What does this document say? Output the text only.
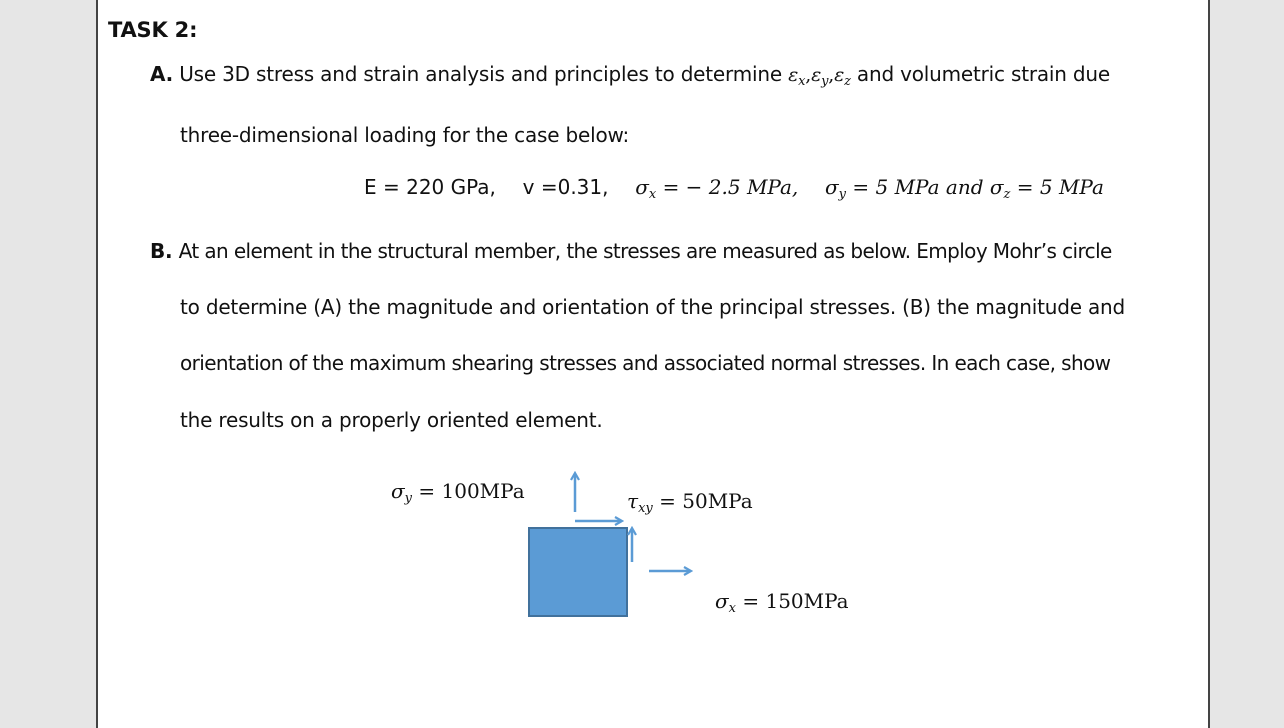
TASK 2:
A. Use 3D stress and strain analysis and principles to determine $\varepsilon_x,\varepsilon_y,\varepsilon_z$ and volumetric strain due
three-dimensional loading for the case below:
E = 220 GPa, v =0.31, $\sigma_x$ = − 2.5 MPa, $\sigma_y = 5$ MPa and $\sigma_z = 5$ MPa
B. At an element in the structural member, the stresses are measured as below. Employ Mohr’s circle
to determine (A) the magnitude and orientation of the principal stresses. (B) the magnitude and
orientation of the maximum shearing stresses and associated normal stresses. In each case, show
the results on a properly oriented element.
$\sigma_y = 100MPa$	$\tau_{xy} = 50MPa$
$\sigma_x = 150MPa$
